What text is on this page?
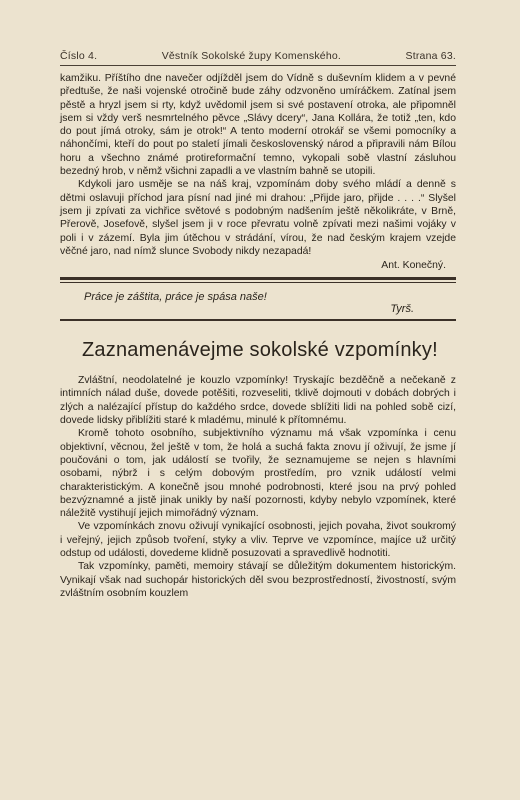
Číslo 4.	Věstník Sokolské župy Komenského.	Strana 63.

kamžiku. Příštího dne navečer odjížděl jsem do Vídně s duševním klidem a v pevné předtuše, že naši vojenské otročině bude záhy odzvoněno umíráčkem. Zatínal jsem pěstě a hryzl jsem si rty, když uvědomil jsem si své postavení otroka, ale připomněl jsem si vždy verš nesmrtelného pěvce „Slávy dcery“, Jana Kollára, že totiž „ten, kdo do pout jímá otroky, sám je otrok!“ A tento moderní otrokář se všemi pomocníky a náhončími, kteří do pout po staletí jímali československý národ a připravili nám Bílou horu a všechno známé protireformační temno, vykopali sobě vlastní zásluhou bezedný hrob, v němž všichni zapadli a ve vlastním bahně se utopili.

Kdykoli jaro usměje se na náš kraj, vzpomínám doby svého mládí a denně s dětmi oslavuji příchod jara písní nad jiné mi drahou: „Přijde jaro, přijde . . . .“ Slyšel jsem ji zpívati za vichřice světové s podobným nadšením ještě několikráte, v Brně, Přerově, Josefově, slyšel jsem ji v roce převratu volně zpívati mezi našimi vojáky v poli i v zázemí. Byla jim útěchou v strádání, vírou, že nad českým krajem vzejde věčné jaro, nad nímž slunce Svobody nikdy nezapadá!

Ant. Konečný.
Práce je záštita, práce je spása naše!
Tyrš.
Zaznamenávejme sokolské vzpomínky!

Zvláštní, neodolatelné je kouzlo vzpomínky! Tryskajíc bezděčně a nečekaně z intimních nálad duše, dovede potěšiti, rozveseliti, tklivě dojmouti v dobách dobrých i zlých a nalézající přístup do každého srdce, dovede sblížiti lidi na pohled sobě cizí, dovede lidsky přiblížiti staré k mladému, minulé k přítomnému.

Kromě tohoto osobního, subjektivního významu má však vzpomínka i cenu objektivní, věcnou, žel ještě v tom, že holá a suchá fakta znovu jí oživují, že jsme jí poučováni o tom, jak událostí se tvořily, že seznamujeme se nejen s hlavními osobami, nýbrž i s celým dobovým prostředím, pro vznik událostí velmi charakteristickým. A konečně jsou mnohé podrobnosti, které jsou na prvý pohled bezvýznamné a jistě jinak unikly by naší pozornosti, kdyby nebylo vzpomínek, které náležitě vystihují jejich mimořádný význam.

Ve vzpomínkách znovu oživují vynikající osobnosti, jejich povaha, život soukromý i veřejný, jejich způsob tvoření, styky a vliv. Teprve ve vzpomínce, majíce už určitý odstup od události, dovedeme klidně posuzovati a spravedlivě hodnotiti.

Tak vzpomínky, paměti, memoiry stávají se důležitým dokumentem historickým. Vynikají však nad suchopár historických děl svou bezprostředností, živostností, svým zvláštním osobním kouzlem
